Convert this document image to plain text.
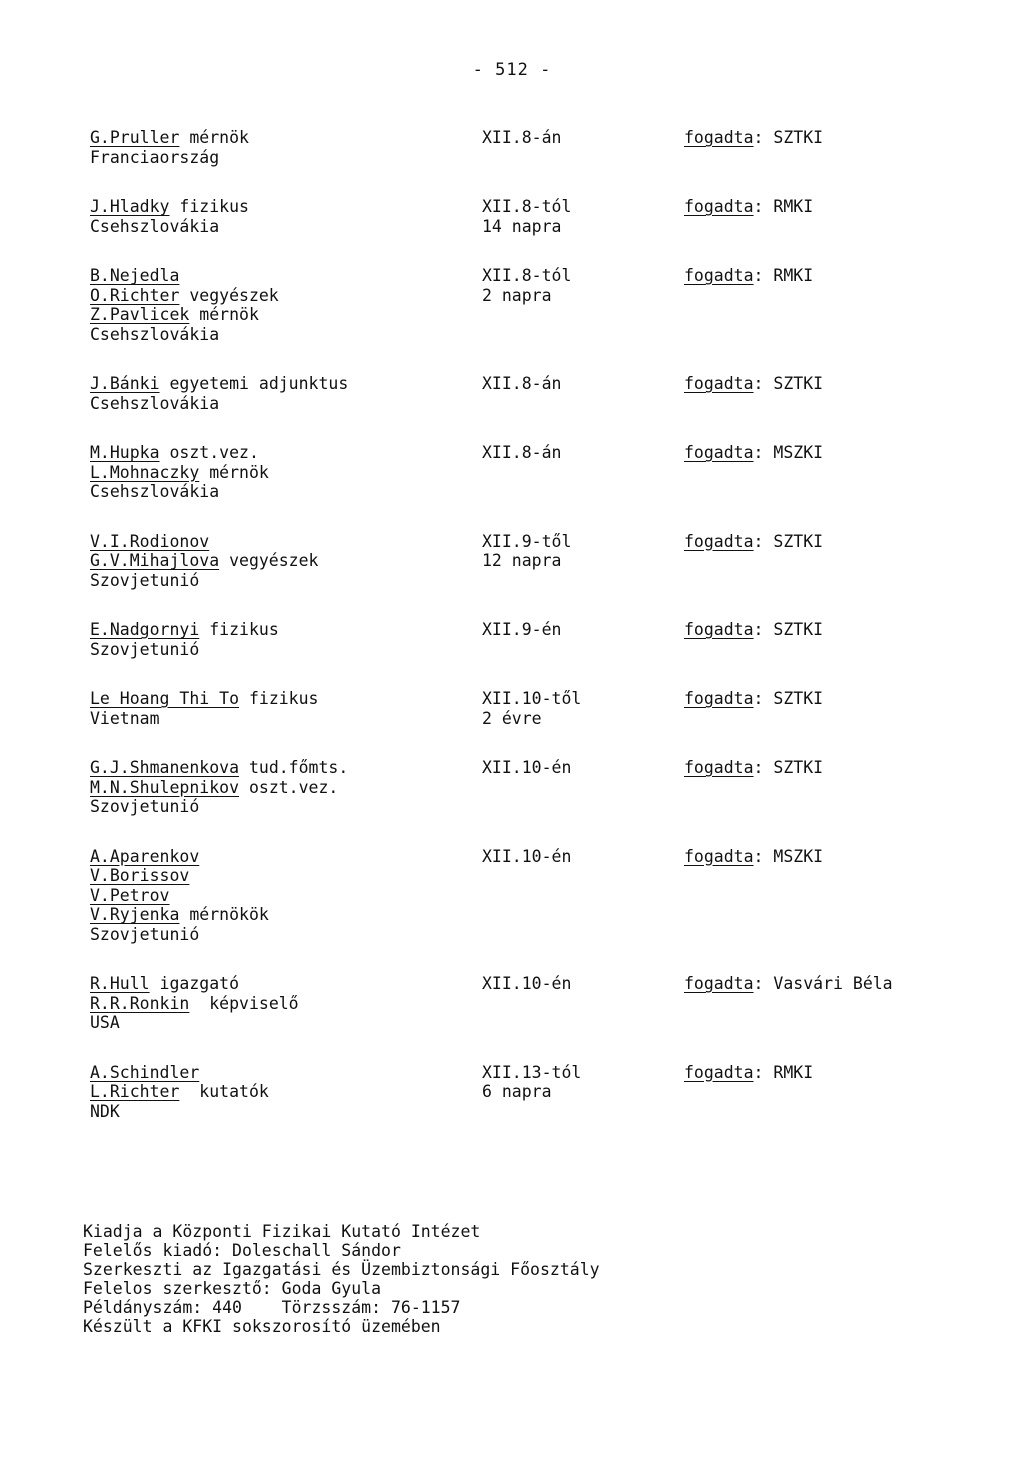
- 512 -
G.Pruller mérnök	XII.8-án	fogadta: SZTKI
Franciaország
J.Hladky fizikus	XII.8-tól	fogadta: RMKI
Csehszlovákia	14 napra
B.Nejedla	XII.8-tól	fogadta: RMKI
O.Richter vegyészek	2 napra
Z.Pavlicek mérnök
Csehszlovákia
J.Bánki egyetemi adjunktus	XII.8-án	fogadta: SZTKI
Csehszlovákia
M.Hupka oszt.vez.	XII.8-án	fogadta: MSZKI
L.Mohnaczky mérnök
Csehszlovákia
V.I.Rodionov	XII.9-től	fogadta: SZTKI
G.V.Mihajlova vegyészek	12 napra
Szovjetunió
E.Nadgornyi fizikus	XII.9-én	fogadta: SZTKI
Szovjetunió
Le Hoang Thi To fizikus	XII.10-től	fogadta: SZTKI
Vietnam	2 évre
G.J.Shmanenkova tud.főmts.	XII.10-én	fogadta: SZTKI
M.N.Shulepnikov oszt.vez.
Szovjetunió
A.Aparenkov	XII.10-én	fogadta: MSZKI
V.Borissov
V.Petrov
V.Ryjenka mérnökök
Szovjetunió
R.Hull igazgató	XII.10-én	fogadta: Vasvári Béla
R.R.Ronkin  képviselő
USA
A.Schindler	XII.13-tól	fogadta: RMKI
L.Richter  kutatók	6 napra
NDK
Kiadja a Központi Fizikai Kutató Intézet
Felelős kiadó: Doleschall Sándor
Szerkeszti az Igazgatási és Üzembiztonsági Főosztály
Felelos szerkesztő: Goda Gyula
Példányszám: 440    Törzsszám: 76-1157
Készült a KFKI sokszorosító üzemében
